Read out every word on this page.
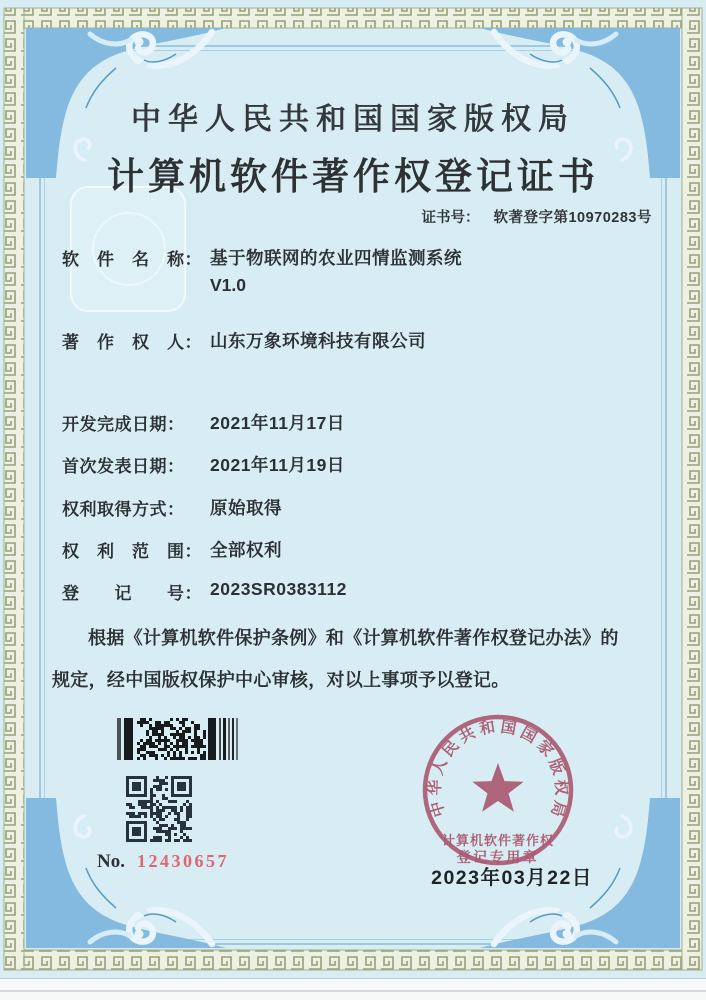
中华人民共和国国家版权局
计算机软件著作权登记证书
证书号： 软著登字第10970283号
软　件　名　称： 基于物联网的农业四情监测系统
V1.0
著　作　权　人： 山东万象环境科技有限公司
开发完成日期：	2021年11月17日
首次发表日期：	2021年11月19日
权利取得方式：	原始取得
权　利　范　围： 全部权利
登　　记　　号： 2023SR0383112
根据《计算机软件保护条例》和《计算机软件著作权登记办法》的
规定，经中国版权保护中心审核，对以上事项予以登记。
No. 12430657
中华人民共和国国家版权局
计算机软件著作权
登记专用章
2023年03月22日
